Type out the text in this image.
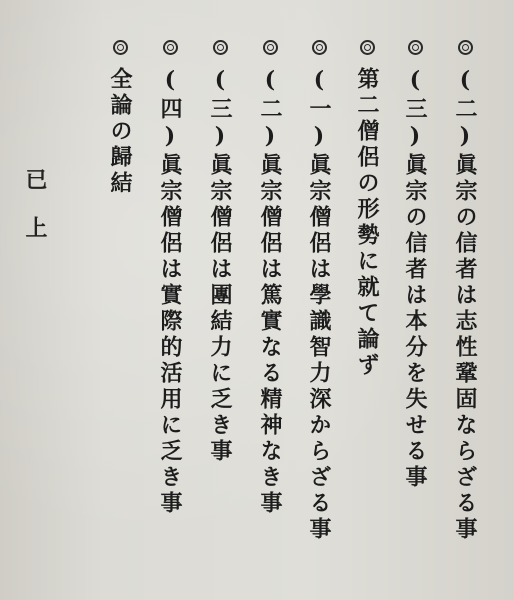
(二)眞宗の信者は志性鞏固ならざる事
(三)眞宗の信者は本分を失せる事
第二僧侶の形勢に就て論ず
(一)眞宗僧侶は學識智力深からざる事
(二)眞宗僧侶は篤實なる精神なき事
(三)眞宗僧侶は團結力に乏き事
(四)眞宗僧侶は實際的活用に乏き事
全論の歸結
已上
